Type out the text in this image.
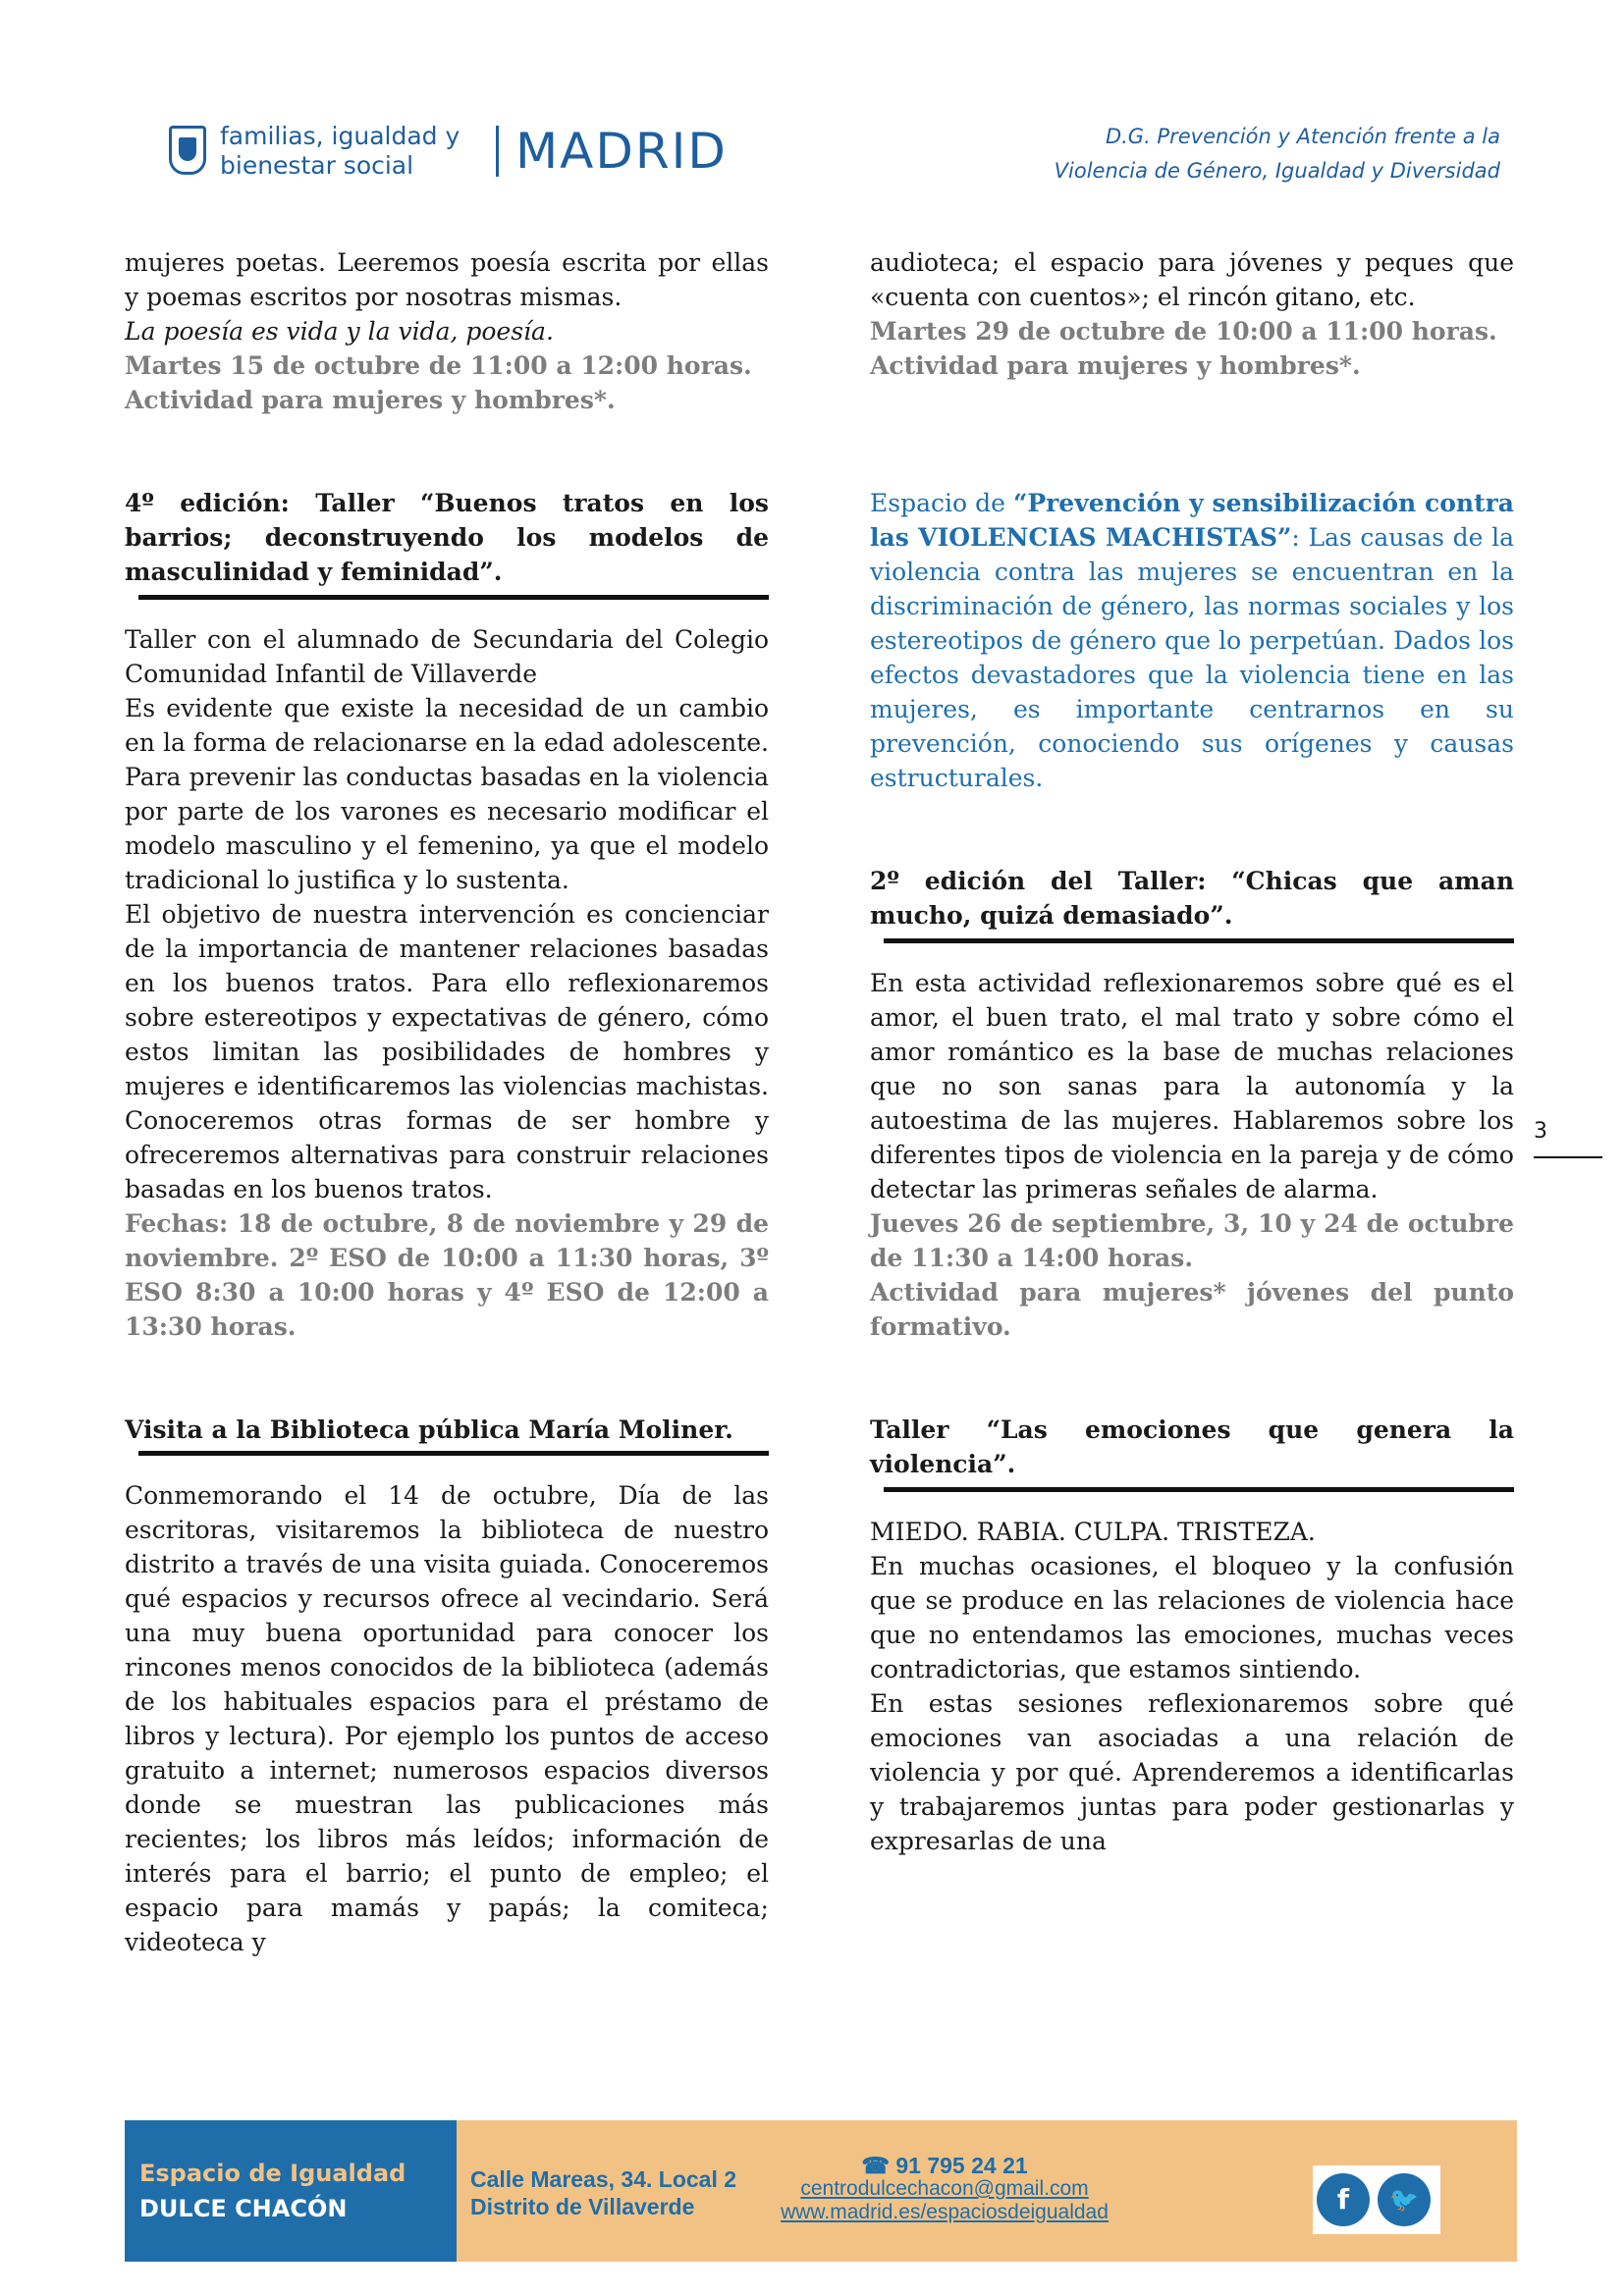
familias, igualdad y
bienestar social	MADRID	D.G. Prevención y Atención frente a la
Violencia de Género, Igualdad y Diversidad

mujeres poetas. Leeremos poesía escrita por ellas y poemas escritos por nosotras mismas.

La poesía es vida y la vida, poesía.

Martes 15 de octubre de 11:00 a 12:00 horas.

Actividad para mujeres y hombres*.

4º edición: Taller “Buenos tratos en los barrios; deconstruyendo los modelos de masculinidad y feminidad”.

Taller con el alumnado de Secundaria del Colegio Comunidad Infantil de Villaverde

Es evidente que existe la necesidad de un cambio en la forma de relacionarse en la edad adolescente. Para prevenir las conductas basadas en la violencia por parte de los varones es necesario modificar el modelo masculino y el femenino, ya que el modelo tradicional lo justifica y lo sustenta.

El objetivo de nuestra intervención es concienciar de la importancia de mantener relaciones basadas en los buenos tratos. Para ello reflexionaremos sobre estereotipos y expectativas de género, cómo estos limitan las posibilidades de hombres y mujeres e identificaremos las violencias machistas. Conoceremos otras formas de ser hombre y ofreceremos alternativas para construir relaciones basadas en los buenos tratos.

Fechas: 18 de octubre, 8 de noviembre y 29 de noviembre. 2º ESO de 10:00 a 11:30 horas, 3º ESO 8:30 a 10:00 horas y 4º ESO de 12:00 a 13:30 horas.

Visita a la Biblioteca pública María Moliner.

Conmemorando el 14 de octubre, Día de las escritoras, visitaremos la biblioteca de nuestro distrito a través de una visita guiada. Conoceremos qué espacios y recursos ofrece al vecindario. Será una muy buena oportunidad para conocer los rincones menos conocidos de la biblioteca (además de los habituales espacios para el préstamo de libros y lectura). Por ejemplo los puntos de acceso gratuito a internet; numerosos espacios diversos donde se muestran las publicaciones más recientes; los libros más leídos; información de interés para el barrio; el punto de empleo; el espacio para mamás y papás; la comiteca; videoteca y

audioteca; el espacio para jóvenes y peques que «cuenta con cuentos»; el rincón gitano, etc.

Martes 29 de octubre de 10:00 a 11:00 horas.

Actividad para mujeres y hombres*.

Espacio de “Prevención y sensibilización contra las VIOLENCIAS MACHISTAS”: Las causas de la violencia contra las mujeres se encuentran en la discriminación de género, las normas sociales y los estereotipos de género que lo perpetúan. Dados los efectos devastadores que la violencia tiene en las mujeres, es importante centrarnos en su prevención, conociendo sus orígenes y causas estructurales.

2º edición del Taller: “Chicas que aman mucho, quizá demasiado”.

En esta actividad reflexionaremos sobre qué es el amor, el buen trato, el mal trato y sobre cómo el amor romántico es la base de muchas relaciones que no son sanas para la autonomía y la autoestima de las mujeres. Hablaremos sobre los diferentes tipos de violencia en la pareja y de cómo detectar las primeras señales de alarma.

Jueves 26 de septiembre, 3, 10 y 24 de octubre de 11:30 a 14:00 horas.

Actividad para mujeres* jóvenes del punto formativo.

Taller “Las emociones que genera la violencia”.

MIEDO. RABIA. CULPA. TRISTEZA.

En muchas ocasiones, el bloqueo y la confusión que se produce en las relaciones de violencia hace que no entendamos las emociones, muchas veces contradictorias, que estamos sintiendo.

En estas sesiones reflexionaremos sobre qué emociones van asociadas a una relación de violencia y por qué. Aprenderemos a identificarlas y trabajaremos juntas para poder gestionarlas y expresarlas de una

3
Espacio de Igualdad
DULCE CHACÓN
Calle Mareas, 34. Local 2
Distrito de Villaverde
☎ 91 795 24 21
centrodulcechacon@gmail.com
www.madrid.es/espaciosdeigualdad	f	🐦
